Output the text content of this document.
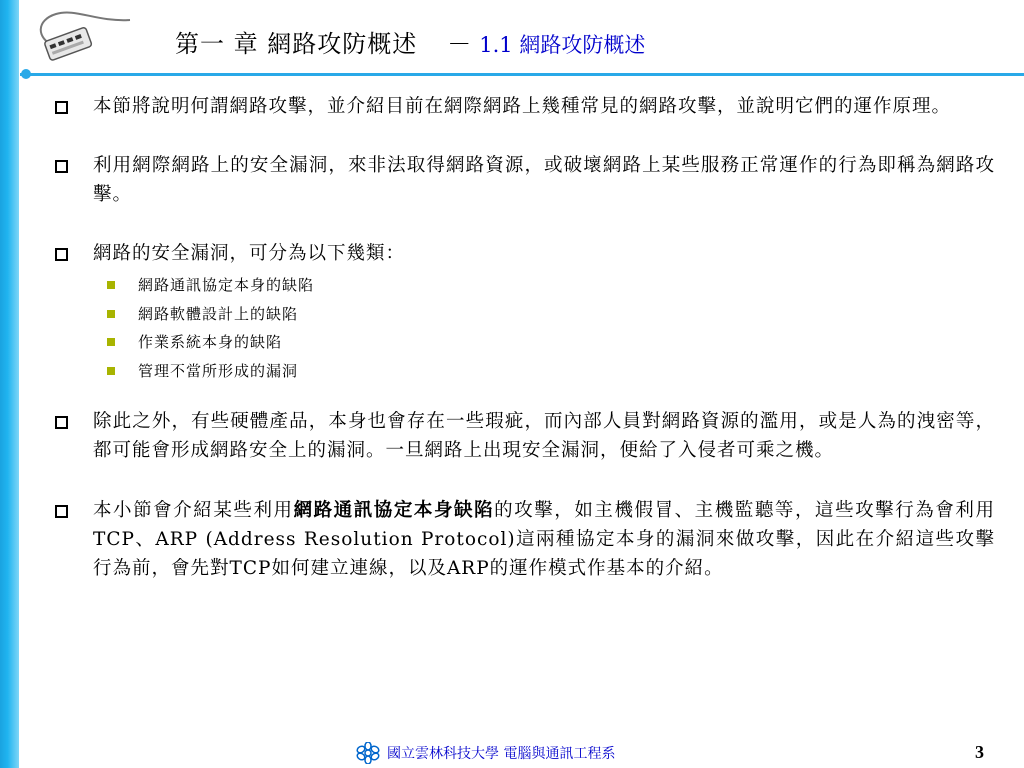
第一 章 網路攻防概述 － 1.1 網路攻防概述
本節將說明何謂網路攻擊，並介紹目前在網際網路上幾種常見的網路攻擊，並說明它們的運作原理。
利用網際網路上的安全漏洞，來非法取得網路資源，或破壞網路上某些服務正常運作的行為即稱為網路攻擊。
網路的安全漏洞，可分為以下幾類：
網路通訊協定本身的缺陷
網路軟體設計上的缺陷
作業系統本身的缺陷
管理不當所形成的漏洞
除此之外，有些硬體產品，本身也會存在一些瑕疵，而內部人員對網路資源的濫用，或是人為的洩密等，都可能會形成網路安全上的漏洞。一旦網路上出現安全漏洞，便給了入侵者可乘之機。
本小節會介紹某些利用網路通訊協定本身缺陷的攻擊，如主機假冒、主機監聽等，這些攻擊行為會利用TCP、ARP (Address Resolution Protocol)這兩種協定本身的漏洞來做攻擊，因此在介紹這些攻擊行為前，會先對TCP如何建立連線，以及ARP的運作模式作基本的介紹。
國立雲林科技大學
電腦與通訊工程系	3
